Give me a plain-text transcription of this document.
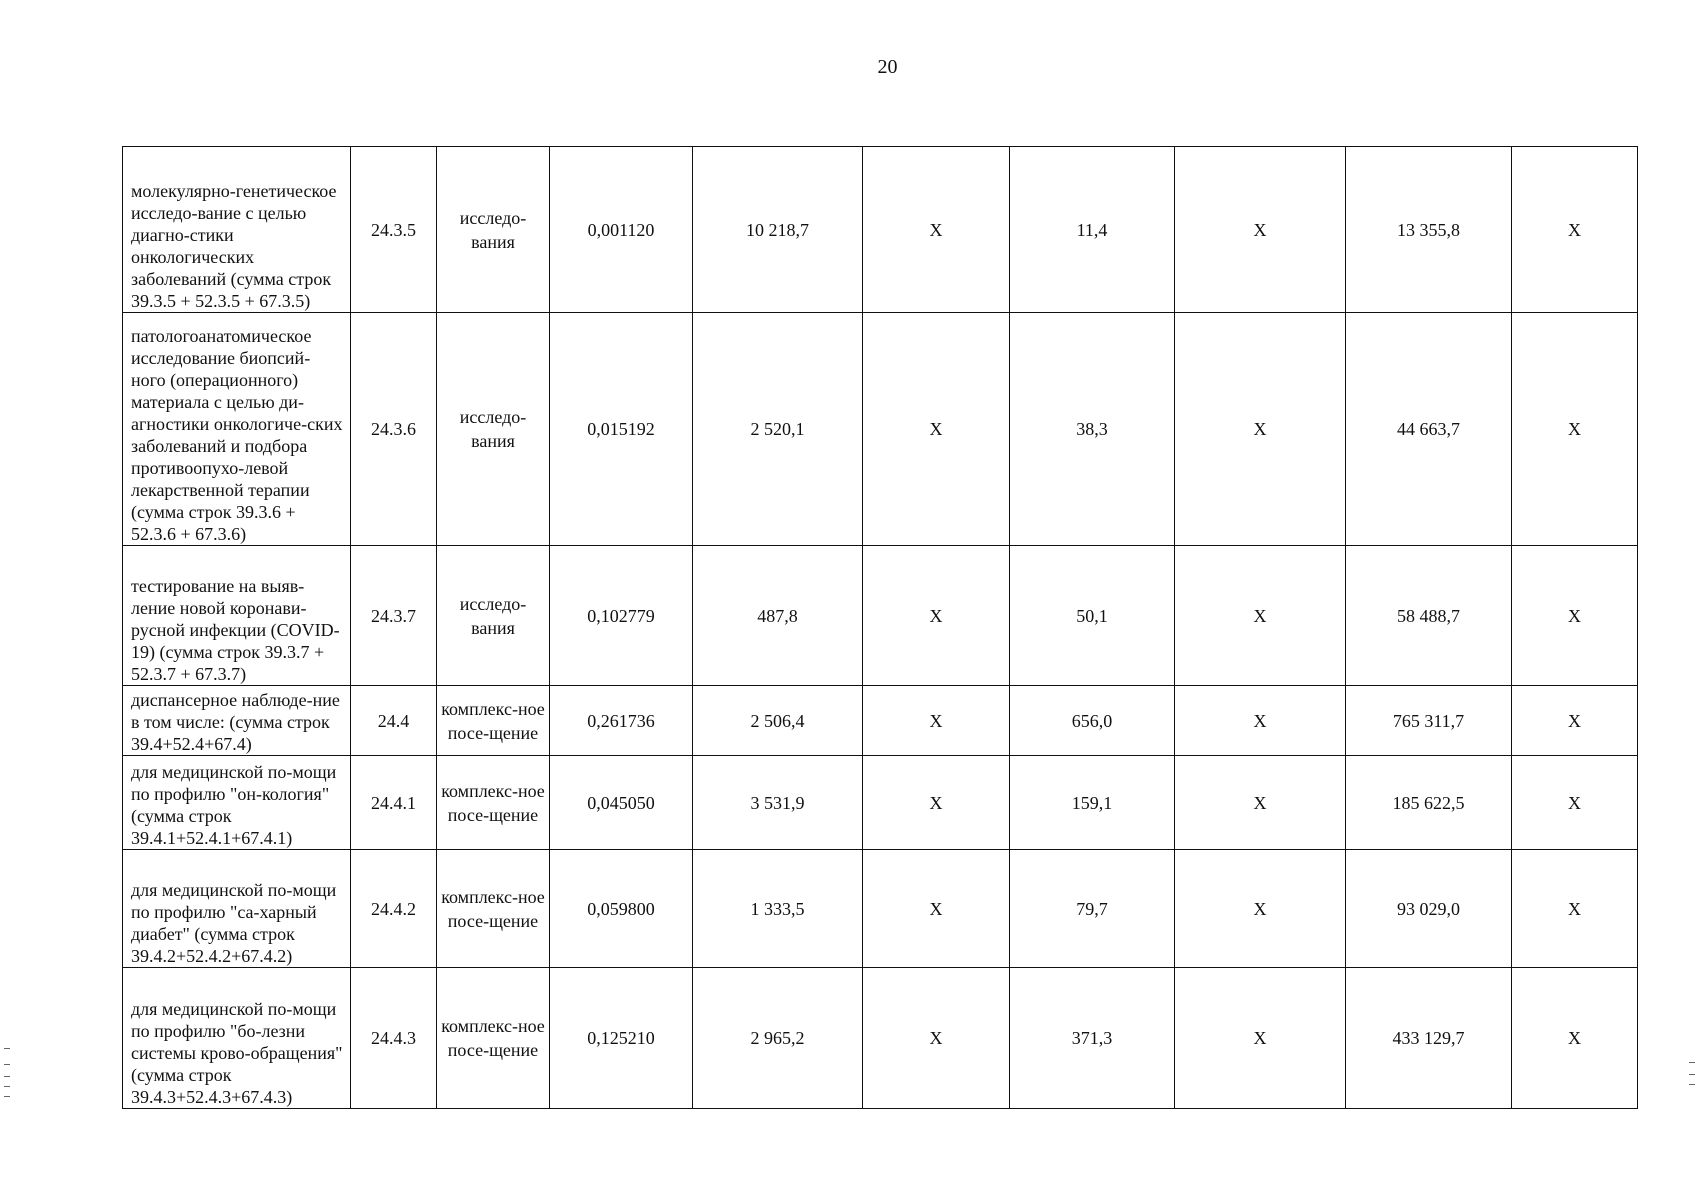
20
молекулярно-генетическое исследо-вание с целью диагно-стики онкологических заболеваний (сумма строк 39.3.5 + 52.3.5 + 67.3.5)	24.3.5	исследо-вания	0,001120	10 218,7	X	11,4	X	13 355,8	X
патологоанатомическое исследование биопсий-ного (операционного) материала с целью ди-агностики онкологиче-ских заболеваний и подбора противоопухо-левой лекарственной терапии (сумма строк 39.3.6 + 52.3.6 + 67.3.6)	24.3.6	исследо-вания	0,015192	2 520,1	X	38,3	X	44 663,7	X
тестирование на выяв-ление новой коронави-русной инфекции (COVID-19) (сумма строк 39.3.7 + 52.3.7 + 67.3.7)	24.3.7	исследо-вания	0,102779	487,8	X	50,1	X	58 488,7	X
диспансерное наблюде-ние в том числе: (сумма строк 39.4+52.4+67.4)	24.4	комплекс-ное посе-щение	0,261736	2 506,4	X	656,0	X	765 311,7	X
для медицинской по-мощи по профилю "он-кология" (сумма строк 39.4.1+52.4.1+67.4.1)	24.4.1	комплекс-ное посе-щение	0,045050	3 531,9	X	159,1	X	185 622,5	X
для медицинской по-мощи по профилю "са-харный диабет" (сумма строк 39.4.2+52.4.2+67.4.2)	24.4.2	комплекс-ное посе-щение	0,059800	1 333,5	X	79,7	X	93 029,0	X
для медицинской по-мощи по профилю "бо-лезни системы крово-обращения" (сумма строк 39.4.3+52.4.3+67.4.3)	24.4.3	комплекс-ное посе-щение	0,125210	2 965,2	X	371,3	X	433 129,7	X
